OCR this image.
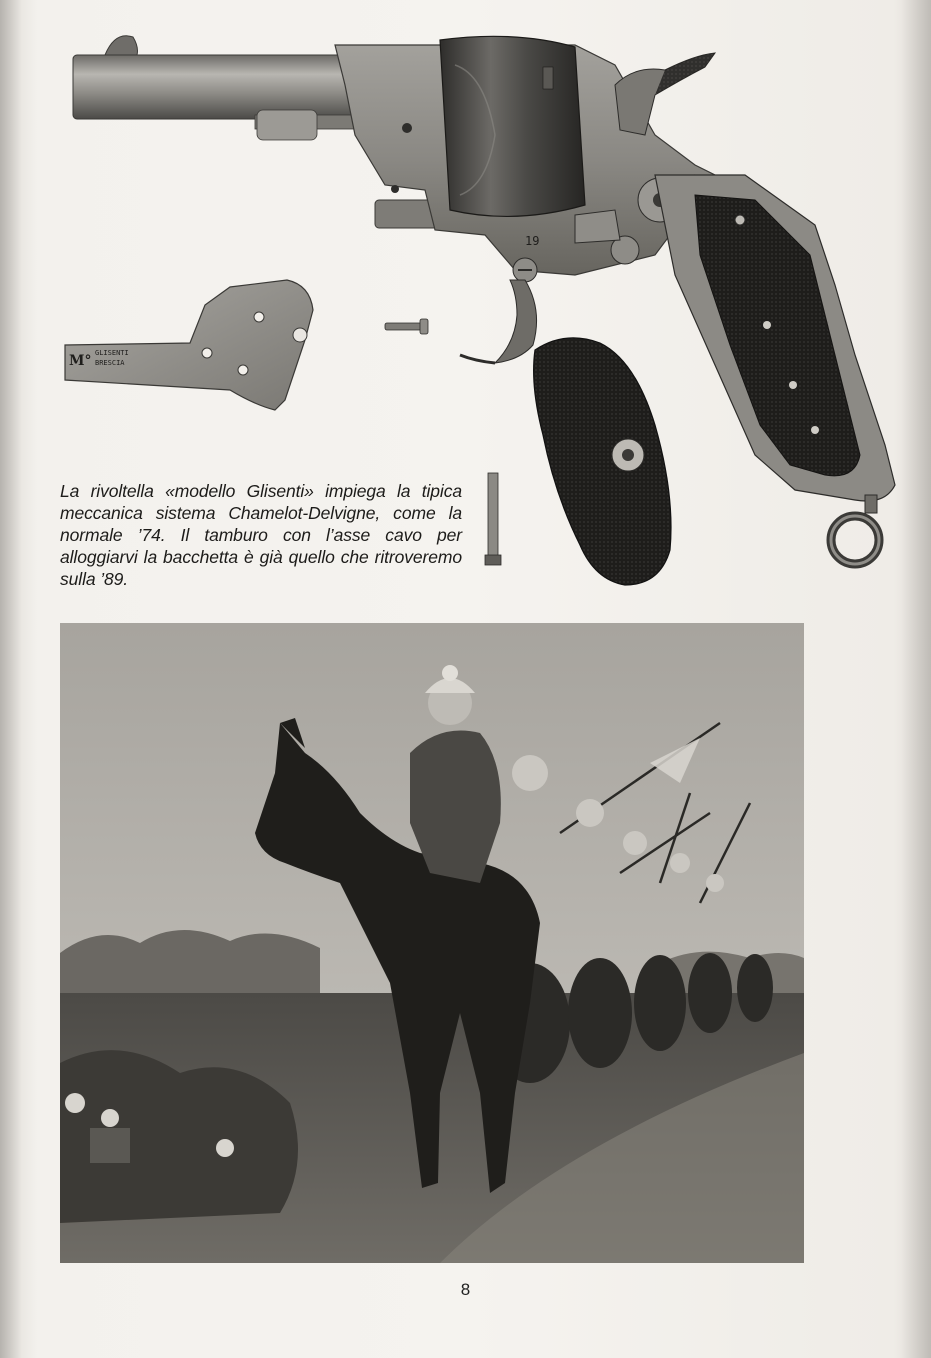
19
M° GLISENTI
BRESCIA
La rivoltella «modello Glisenti» impiega la tipica meccanica sistema Chamelot-Delvigne, come la normale ’74. Il tamburo con l’asse cavo per alloggiarvi la bacchetta è già quello che ritroveremo sulla ’89.
8
